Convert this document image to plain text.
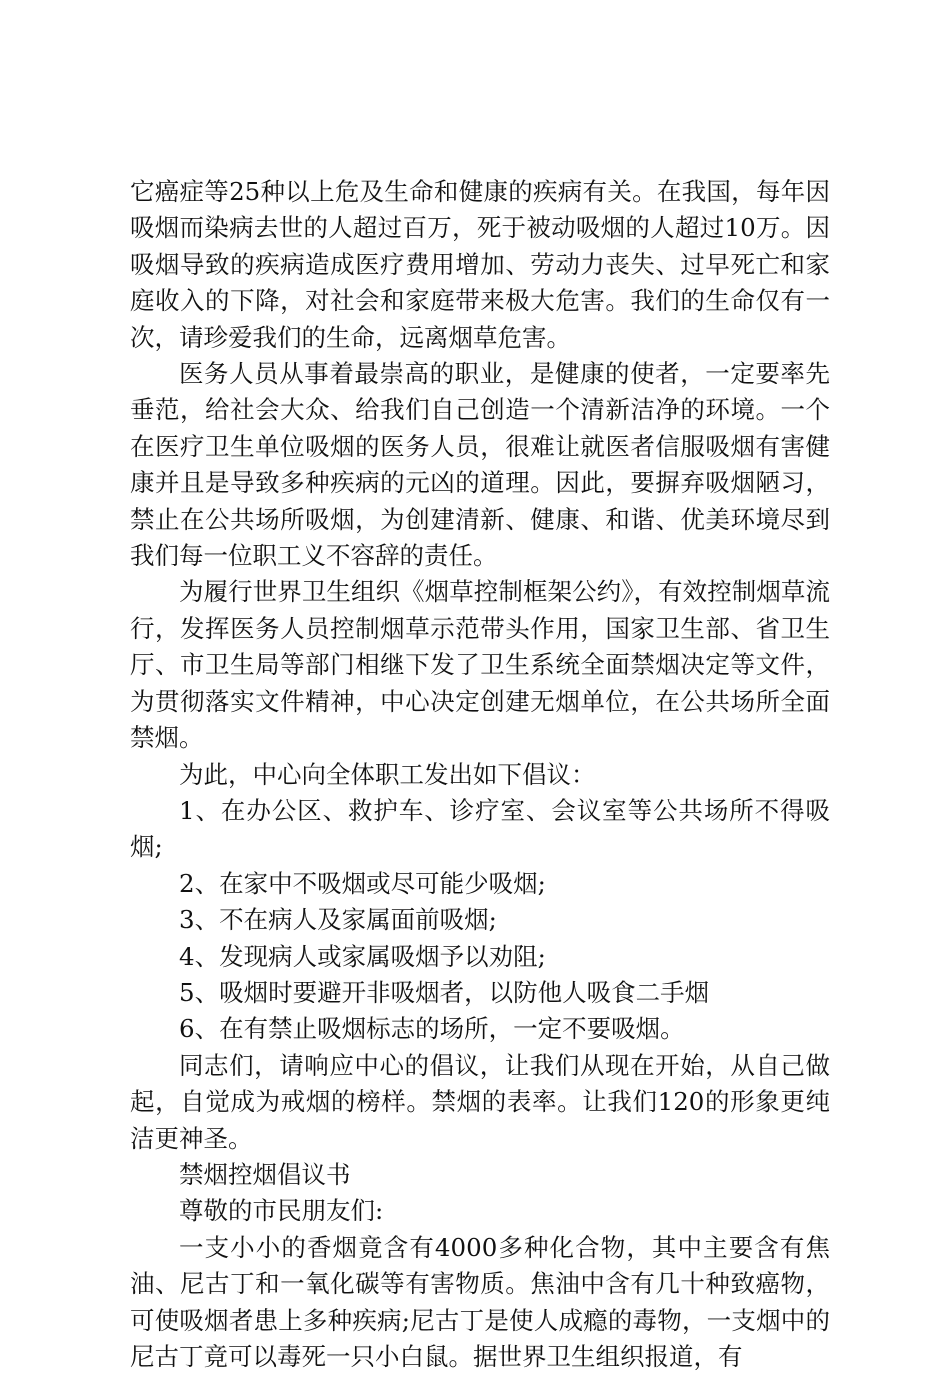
它癌症等25种以上危及生命和健康的疾病有关。在我国，每年因吸烟而染病去世的人超过百万，死于被动吸烟的人超过10万。因吸烟导致的疾病造成医疗费用增加、劳动力丧失、过早死亡和家庭收入的下降，对社会和家庭带来极大危害。我们的生命仅有一次，请珍爱我们的生命，远离烟草危害。

医务人员从事着最崇高的职业，是健康的使者，一定要率先垂范，给社会大众、给我们自己创造一个清新洁净的环境。一个在医疗卫生单位吸烟的医务人员，很难让就医者信服吸烟有害健康并且是导致多种疾病的元凶的道理。因此，要摒弃吸烟陋习，禁止在公共场所吸烟，为创建清新、健康、和谐、优美环境尽到我们每一位职工义不容辞的责任。

为履行世界卫生组织《烟草控制框架公约》，有效控制烟草流行，发挥医务人员控制烟草示范带头作用，国家卫生部、省卫生厅、市卫生局等部门相继下发了卫生系统全面禁烟决定等文件，为贯彻落实文件精神，中心决定创建无烟单位，在公共场所全面禁烟。

为此，中心向全体职工发出如下倡议：

1、在办公区、救护车、诊疗室、会议室等公共场所不得吸烟;

2、在家中不吸烟或尽可能少吸烟;

3、不在病人及家属面前吸烟;

4、发现病人或家属吸烟予以劝阻;

5、吸烟时要避开非吸烟者，以防他人吸食二手烟

6、在有禁止吸烟标志的场所，一定不要吸烟。

同志们，请响应中心的倡议，让我们从现在开始，从自己做起，自觉成为戒烟的榜样。禁烟的表率。让我们120的形象更纯洁更神圣。

禁烟控烟倡议书

尊敬的市民朋友们:

一支小小的香烟竟含有4000多种化合物，其中主要含有焦油、尼古丁和一氧化碳等有害物质。焦油中含有几十种致癌物，可使吸烟者患上多种疾病;尼古丁是使人成瘾的毒物，一支烟中的尼古丁竟可以毒死一只小白鼠。据世界卫生组织报道，有
